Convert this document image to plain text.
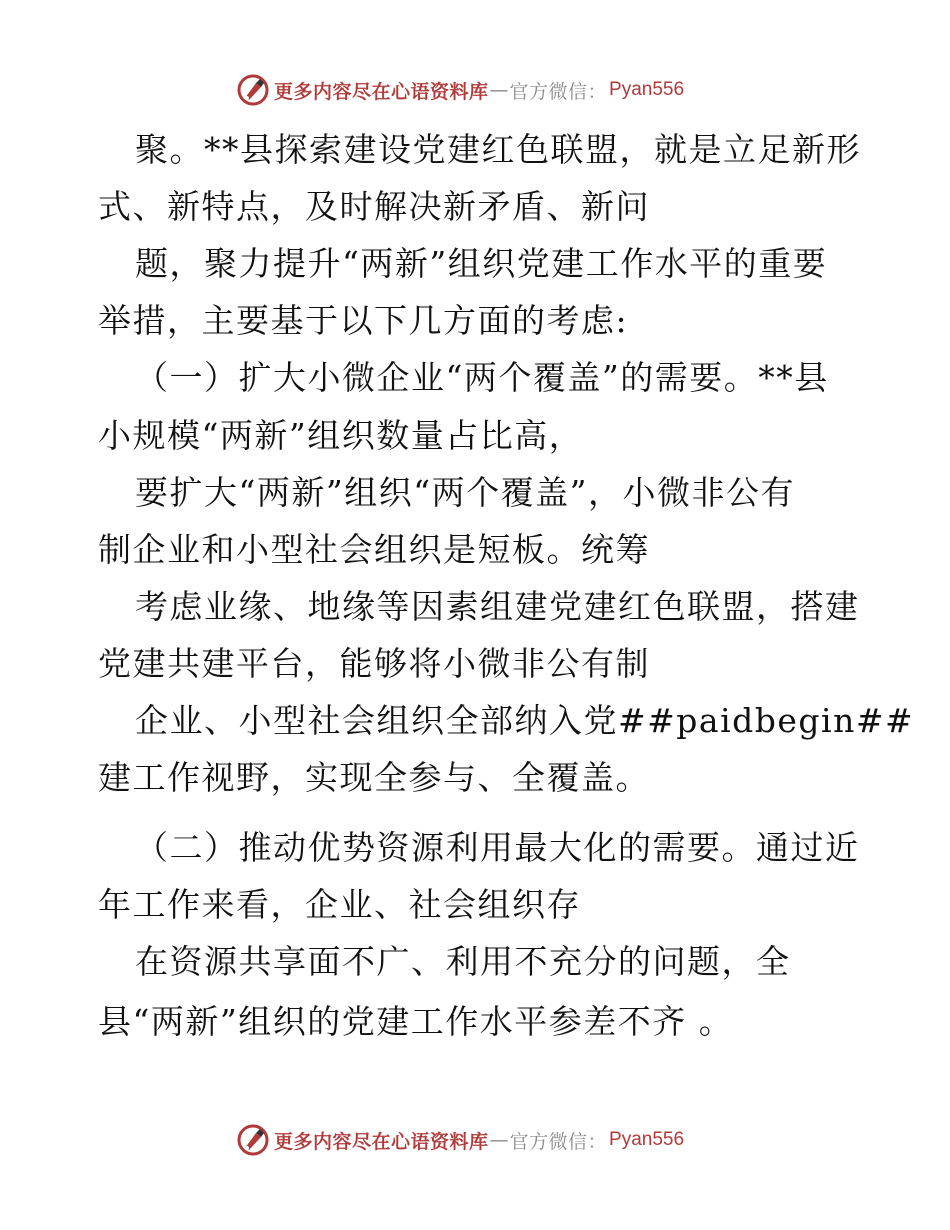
更多内容尽在心语资料库 — 官方微信： Pyan556
聚。**县探索建设党建红色联盟，就是立足新形
式、新特点，及时解决新矛盾、新问
题，聚力提升“两新”组织党建工作水平的重要
举措，主要基于以下几方面的考虑:
（一）扩大小微企业“两个覆盖”的需要。**县
小规模“两新”组织数量占比高，
要扩大“两新”组织“两个覆盖”，小微非公有
制企业和小型社会组织是短板。统筹
考虑业缘、地缘等因素组建党建红色联盟，搭建
党建共建平台，能够将小微非公有制
企业、小型社会组织全部纳入党##paidbegin##
建工作视野，实现全参与、全覆盖。
（二）推动优势资源利用最大化的需要。通过近
年工作来看，企业、社会组织存
在资源共享面不广、利用不充分的问题，全
县“两新”组织的党建工作水平参差不齐 。
更多内容尽在心语资料库 — 官方微信： Pyan556
